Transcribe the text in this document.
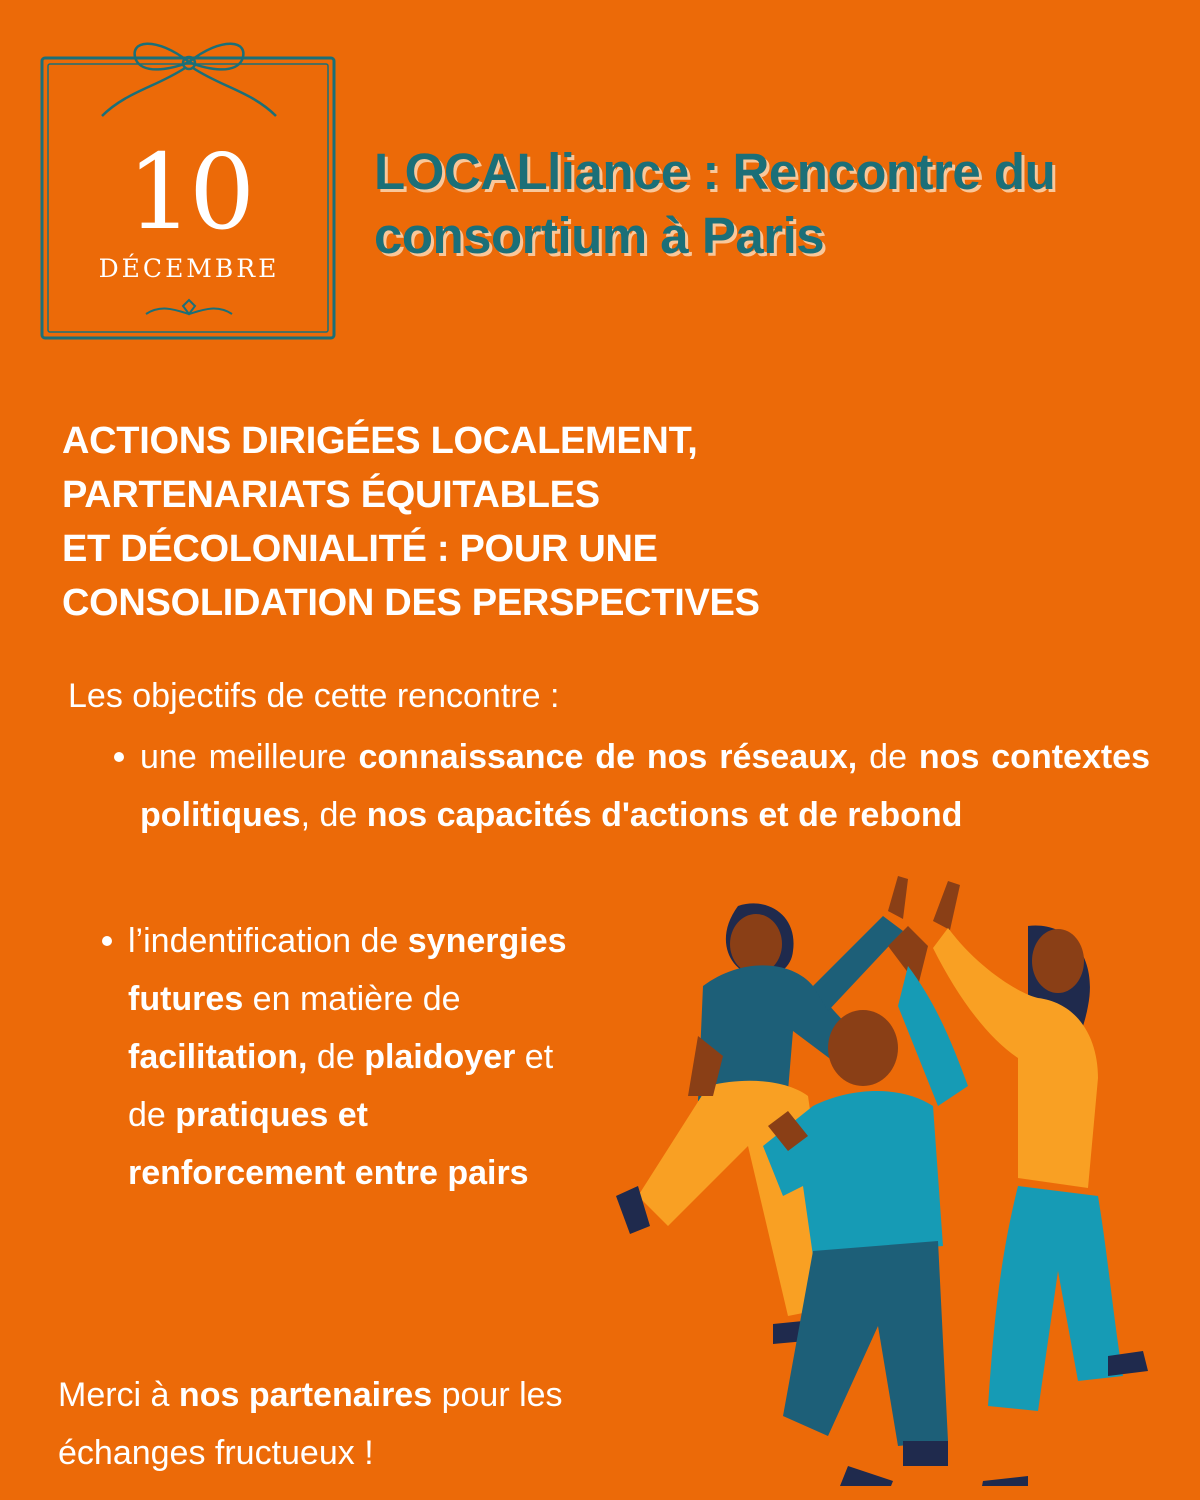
10
DÉCEMBRE
LOCALliance : Rencontre du consortium à Paris
ACTIONS DIRIGÉES LOCALEMENT,
PARTENARIATS ÉQUITABLES
ET DÉCOLONIALITÉ : POUR UNE
CONSOLIDATION DES PERSPECTIVES

Les objectifs de cette rencontre :

une meilleure connaissance de nos réseaux, de nos contextes politiques, de nos capacités d'actions et de rebond

l’indentification de synergies futures en matière de facilitation, de plaidoyer et de pratiques et renforcement entre pairs

Merci à nos partenaires pour les échanges fructueux !
